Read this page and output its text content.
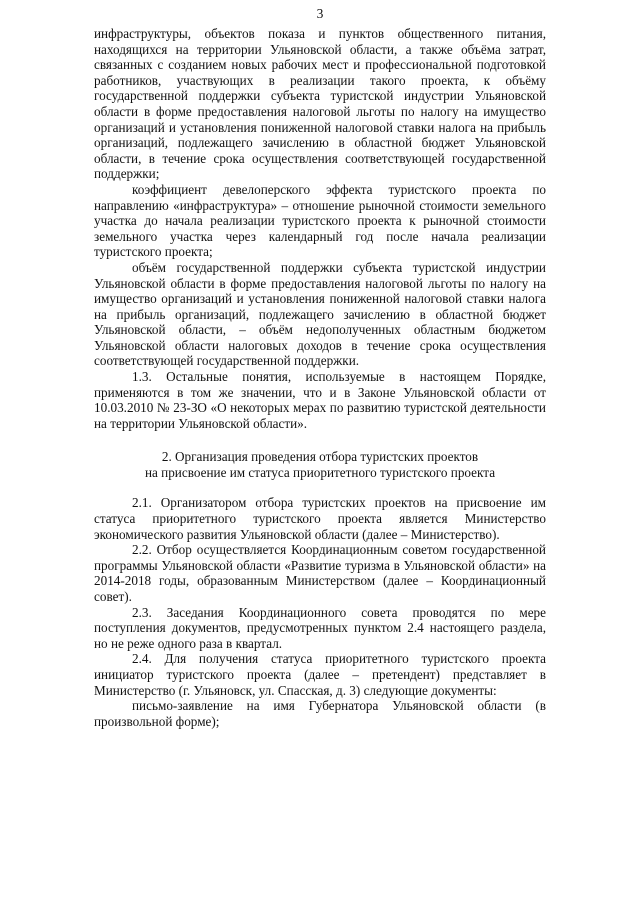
3

инфраструктуры, объектов показа и пунктов общественного питания, находящихся на территории Ульяновской области, а также объёма затрат, связанных с созданием новых рабочих мест и профессиональной подготовкой работников, участвующих в реализации такого проекта, к объёму государственной поддержки субъекта туристской индустрии Ульяновской области в форме предоставления налоговой льготы по налогу на имущество организаций и установления пониженной налоговой ставки налога на прибыль организаций, подлежащего зачислению в областной бюджет Ульяновской области, в течение срока осуществления соответствующей государственной поддержки;

коэффициент девелоперского эффекта туристского проекта по направлению «инфраструктура» – отношение рыночной стоимости земельного участка до начала реализации туристского проекта к рыночной стоимости земельного участка через календарный год после начала реализации туристского проекта;

объём государственной поддержки субъекта туристской индустрии Ульяновской области в форме предоставления налоговой льготы по налогу на имущество организаций и установления пониженной налоговой ставки налога на прибыль организаций, подлежащего зачислению в областной бюджет Ульяновской области, – объём недополученных областным бюджетом Ульяновской области налоговых доходов в течение срока осуществления соответствующей государственной поддержки.

1.3. Остальные понятия, используемые в настоящем Порядке, применяются в том же значении, что и в Законе Ульяновской области от 10.03.2010 № 23-ЗО «О некоторых мерах по развитию туристской деятельности на территории Ульяновской области».

2. Организация проведения отбора туристских проектов
на присвоение им статуса приоритетного туристского проекта

2.1. Организатором отбора туристских проектов на присвоение им статуса приоритетного туристского проекта является Министерство экономического развития Ульяновской области (далее – Министерство).

2.2. Отбор осуществляется Координационным советом государственной программы Ульяновской области «Развитие туризма в Ульяновской области» на 2014-2018 годы, образованным Министерством (далее – Координационный совет).

2.3. Заседания Координационного совета проводятся по мере поступления документов, предусмотренных пунктом 2.4 настоящего раздела, но не реже одного раза в квартал.

2.4. Для получения статуса приоритетного туристского проекта инициатор туристского проекта (далее – претендент) представляет в Министерство (г. Ульяновск, ул. Спасская, д. 3) следующие документы:

письмо-заявление на имя Губернатора Ульяновской области (в произвольной форме);
